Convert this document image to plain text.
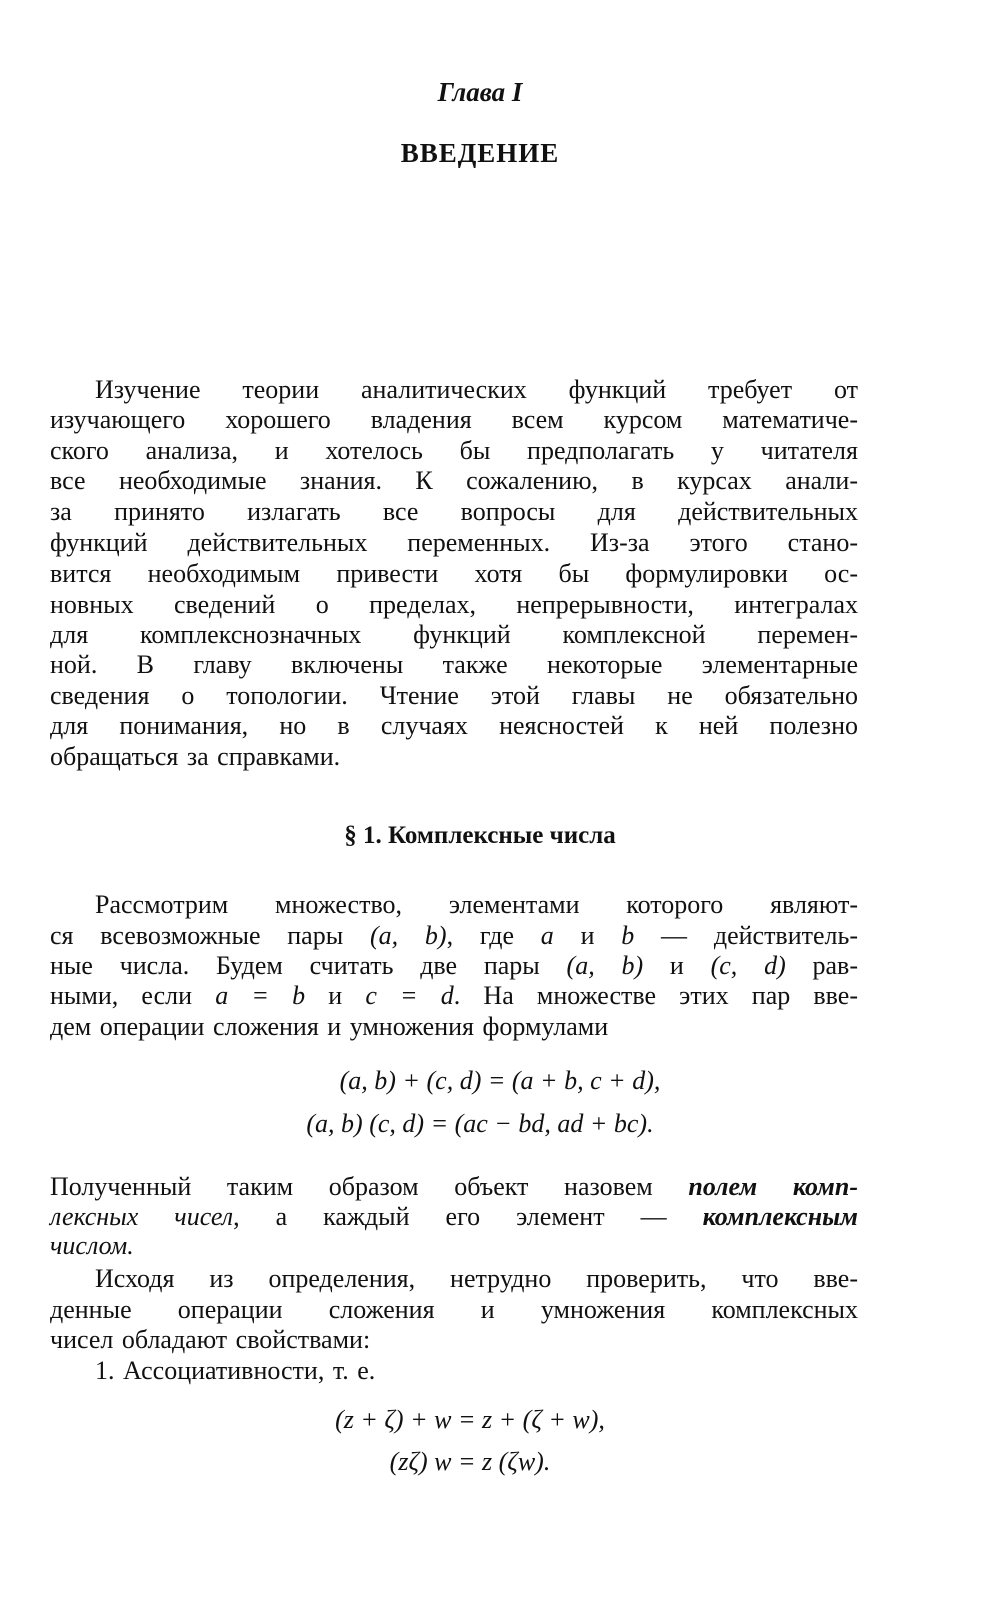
Глава I
ВВЕДЕНИЕ
Изучение теории аналитических функций требует от
изучающего хорошего владения всем курсом математиче-
ского анализа, и хотелось бы предполагать у читателя
все необходимые знания. К сожалению, в курсах анали-
за принято излагать все вопросы для действительных
функций действительных переменных. Из-за этого стано-
вится необходимым привести хотя бы формулировки ос-
новных сведений о пределах, непрерывности, интегралах
для комплекснозначных функций комплексной перемен-
ной. В главу включены также некоторые элементарные
сведения о топологии. Чтение этой главы не обязательно
для понимания, но в случаях неясностей к ней полезно
обращаться за справками.
§ 1. Комплексные числа
Рассмотрим множество, элементами которого являют-
ся всевозможные пары (a, b), где a и b — действитель-
ные числа. Будем считать две пары (a, b) и (c, d) рав-
ными, если a = b и c = d. На множестве этих пар вве-
дем операции сложения и умножения формулами
(a, b) + (c, d) = (a + b, c + d),
(a, b) (c, d) = (ac − bd, ad + bc).
Полученный таким образом объект назовем полем комп-
лексных чисел, а каждый его элемент — комплексным
числом.
Исходя из определения, нетрудно проверить, что вве-
денные операции сложения и умножения комплексных
чисел обладают свойствами:
1. Ассоциативности, т. е.
(z + ζ) + w = z + (ζ + w),
(zζ) w = z (ζw).
